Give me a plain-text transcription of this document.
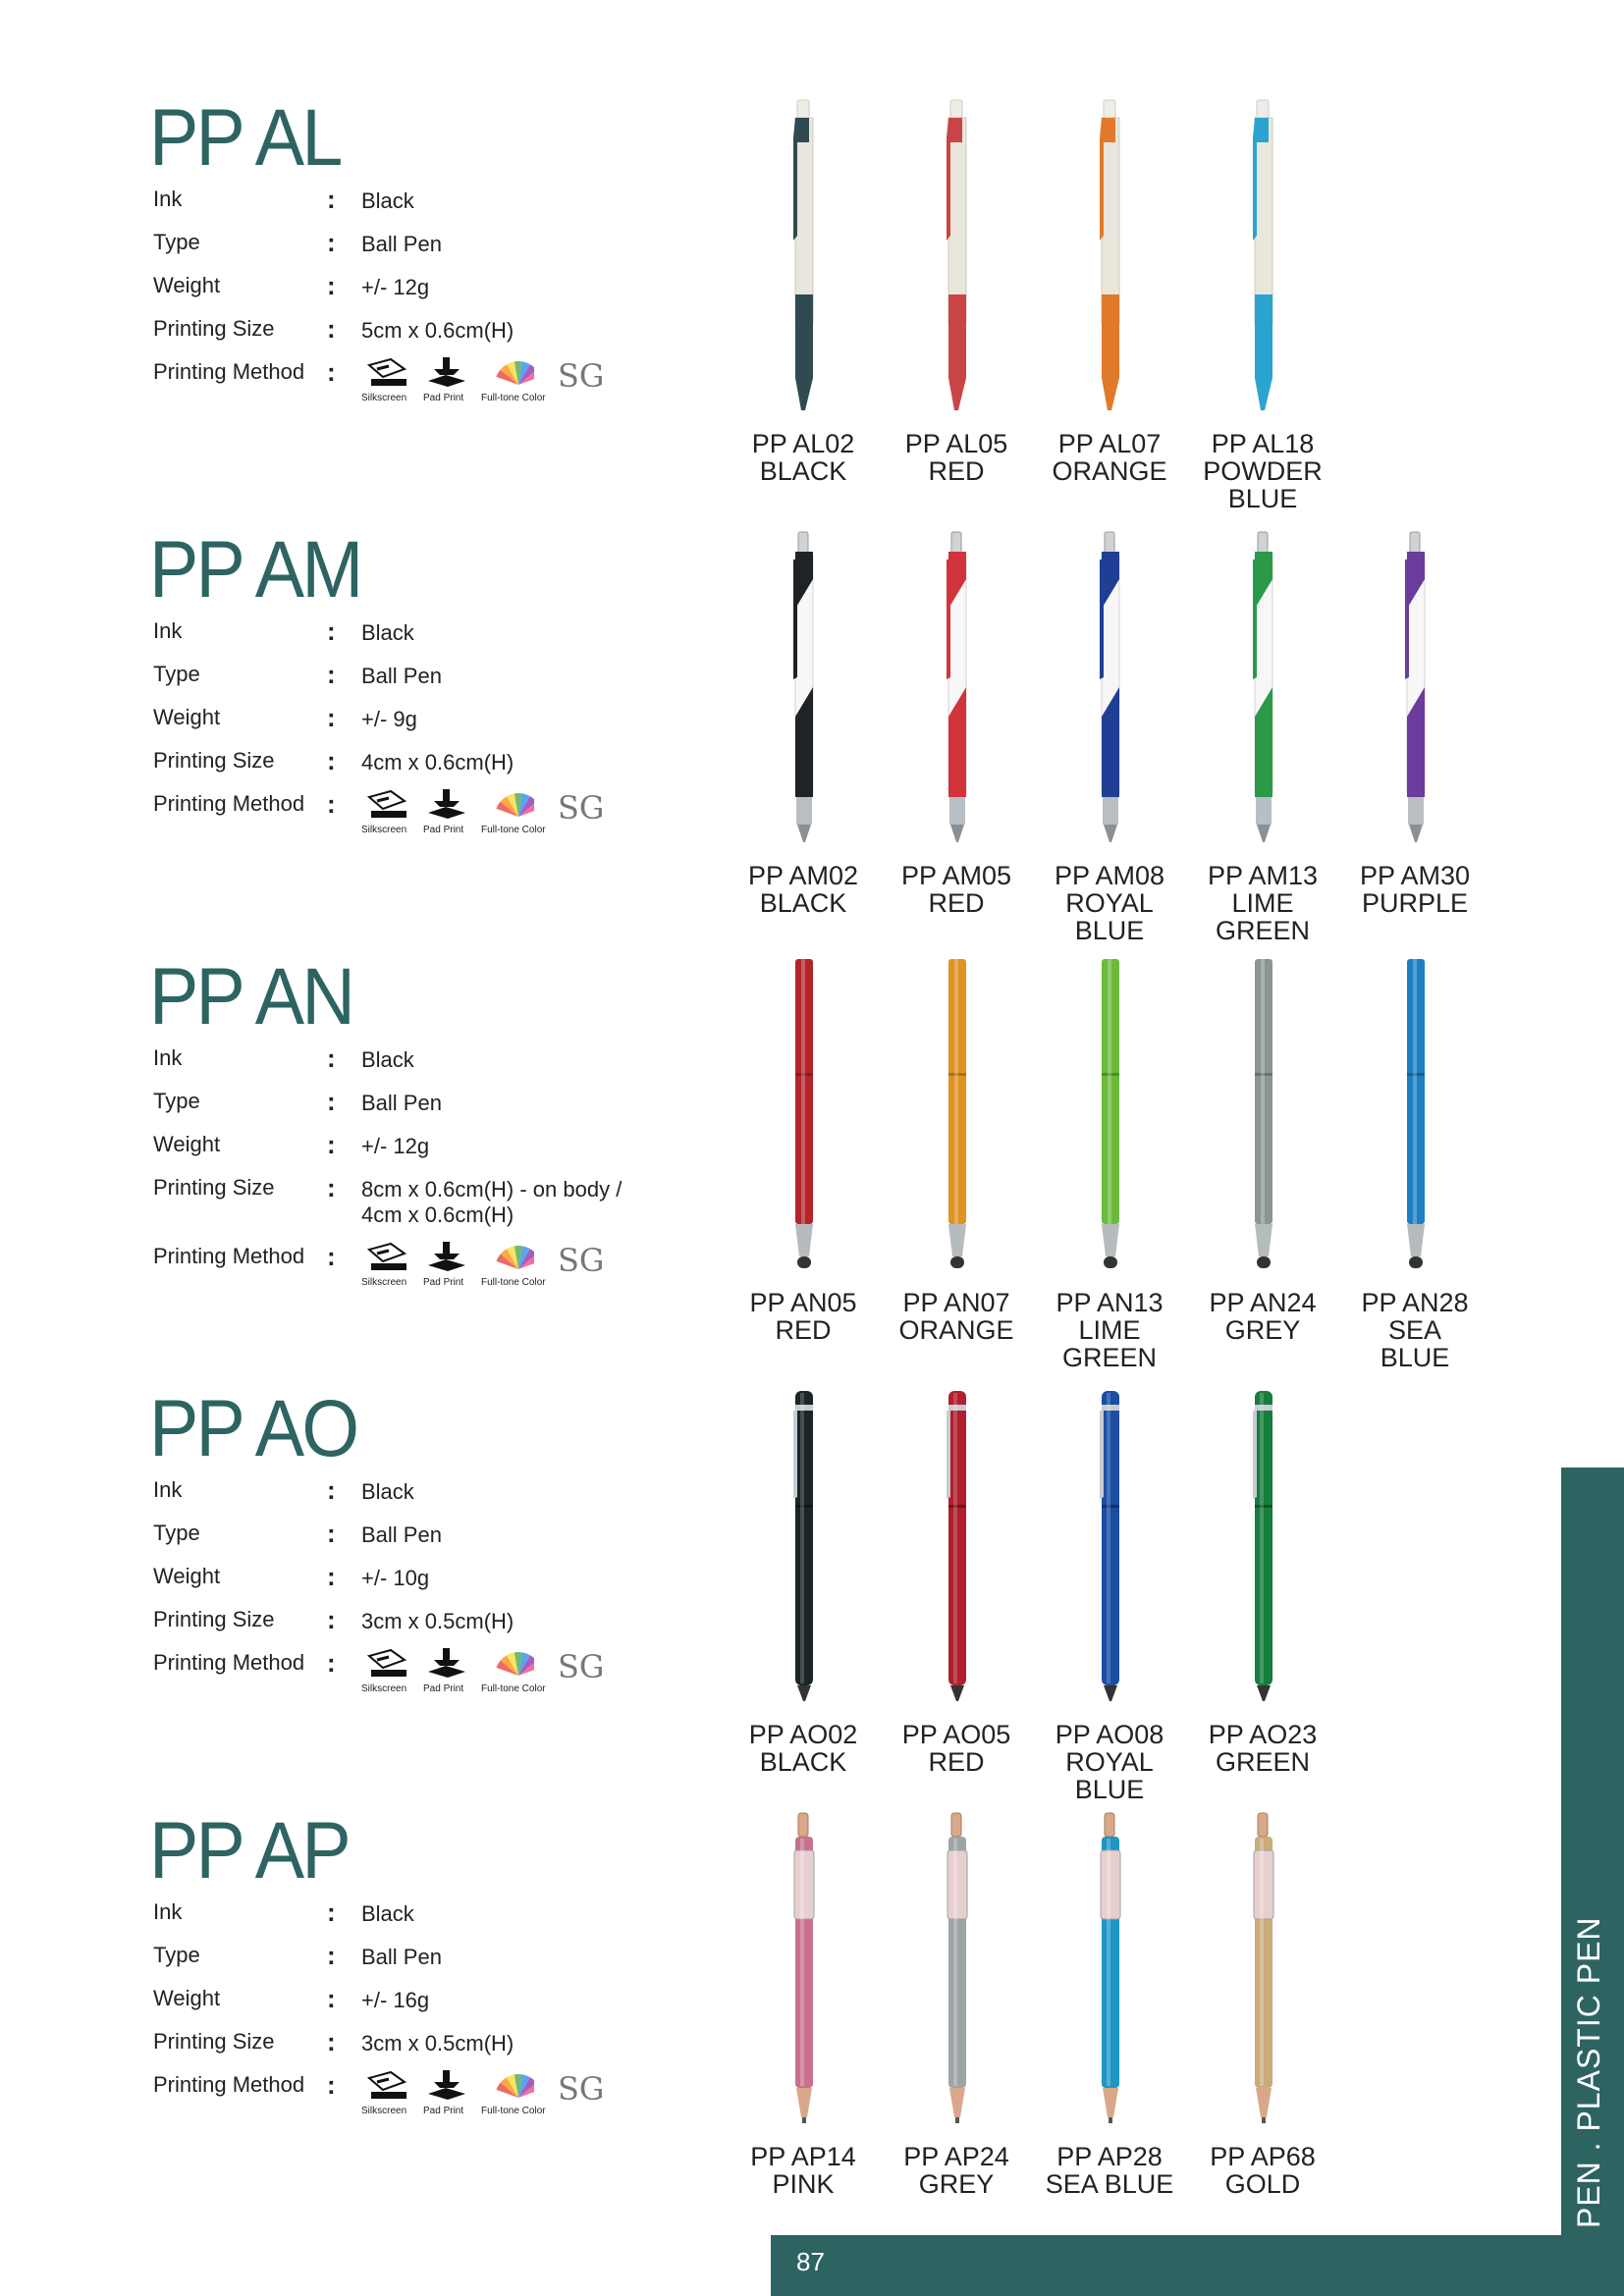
PP AL
Ink	: Black
Type	: Ball Pen
Weight	: +/- 12g
Printing Size : 5cm x 0.6cm(H)
Printing Method :
Silkscreen Pad Print Full-tone Color
SG
PP AL02
BLACK
PP AL05
RED
PP AL07
ORANGE
PP AL18
POWDER
BLUE
PP AM
Ink	: Black
Type	: Ball Pen
Weight	: +/- 9g
Printing Size : 4cm x 0.6cm(H)
Printing Method :
Silkscreen Pad Print Full-tone Color
SG
PP AM02
BLACK
PP AM05
RED
PP AM08
ROYAL
BLUE
PP AM13
LIME
GREEN
PP AM30
PURPLE
PP AN
Ink	: Black
Type	: Ball Pen
Weight	: +/- 12g
Printing Size : 8cm x 0.6cm(H) - on body / 4cm x 0.6cm(H)
Printing Method :
Silkscreen Pad Print Full-tone Color
SG
PP AN05
RED
PP AN07
ORANGE
PP AN13
LIME
GREEN
PP AN24
GREY
PP AN28
SEA
BLUE
PP AO
Ink	: Black
Type	: Ball Pen
Weight	: +/- 10g
Printing Size : 3cm x 0.5cm(H)
Printing Method :
Silkscreen Pad Print Full-tone Color
SG
PP AO02
BLACK
PP AO05
RED
PP AO08
ROYAL
BLUE
PP AO23
GREEN
PP AP
Ink	: Black
Type	: Ball Pen
Weight	: +/- 16g
Printing Size : 3cm x 0.5cm(H)
Printing Method :
Silkscreen Pad Print Full-tone Color
SG
PP AP14
PINK
PP AP24
GREY
PP AP28
SEA BLUE
PP AP68
GOLD	PEN . PLASTIC PEN
87
